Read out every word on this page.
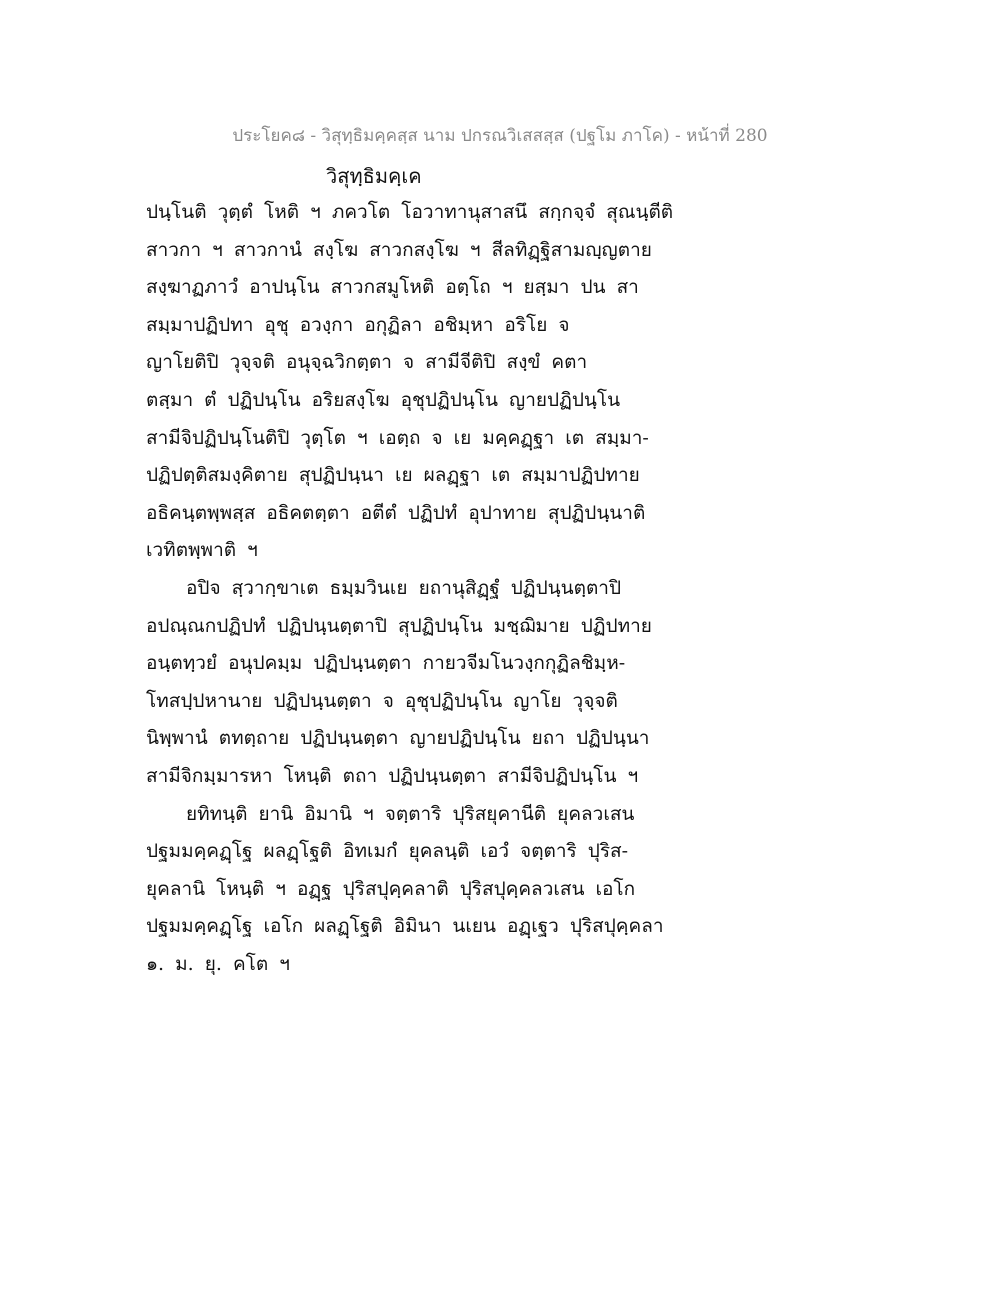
ประโยค๘ - วิสุทฺธิมคฺคสฺส นาม ปกรณวิเสสสฺส (ปฐโม ภาโค) - หน้าที่ 280
วิสุทฺธิมคฺเค
ปนฺโนติ วุตฺตํ โหติ ฯ ภควโต โอวาทานุสาสนึ สกฺกจฺจํ สุณนฺตีติ
สาวกา ฯ สาวกานํ สงฺโฆ สาวกสงฺโฆ ฯ สีลทิฏฺฐิสามญฺญตาย
สงฺฆาฏภาวํ อาปนฺโน สาวกสมูโหติ อตฺโถ ฯ ยสฺมา ปน สา
สมฺมาปฏิปทา อุชุ อวงฺกา อกุฏิลา อชิมฺหา อริโย จ
ญาโยติปิ วุจฺจติ อนุจฺฉวิกตฺตา จ สามีจีติปิ สงฺขํ คตา
ตสฺมา ตํ ปฏิปนฺโน อริยสงฺโฆ อุชุปฏิปนฺโน ญายปฏิปนฺโน
สามีจิปฏิปนฺโนติปิ วุตฺโต ฯ เอตฺถ จ เย มคฺคฏฺฐา เต สมฺมา-
ปฏิปตฺติสมงฺคิตาย สุปฏิปนฺนา เย ผลฏฺฐา เต สมฺมาปฏิปทาย
อธิคนฺตพฺพสฺส อธิคตตฺตา อตีตํ ปฏิปทํ อุปาทาย สุปฏิปนฺนาติ
เวทิตพฺพาติ ฯ
อปิจ สฺวากฺขาเต ธมฺมวินเย ยถานุสิฏฺฐํ ปฏิปนฺนตฺตาปิ
อปณฺณกปฏิปทํ ปฏิปนฺนตฺตาปิ สุปฏิปนฺโน มชฺฌิมาย ปฏิปทาย
อนฺตทฺวยํ อนุปคมฺม ปฏิปนฺนตฺตา กายวจีมโนวงฺกกุฏิลชิมฺห-
โทสปฺปหานาย ปฏิปนฺนตฺตา จ อุชุปฏิปนฺโน ญาโย วุจฺจติ
นิพฺพานํ ตทตฺถาย ปฏิปนฺนตฺตา ญายปฏิปนฺโน ยถา ปฏิปนฺนา
สามีจิกมฺมารหา โหนฺติ ตถา ปฏิปนฺนตฺตา สามีจิปฏิปนฺโน ฯ
ยทิทนฺติ ยานิ อิมานิ ฯ จตฺตาริ ปุริสยุคานีติ ยุคลวเสน
ปฐมมคฺคฏฺโฐ ผลฏฺโฐติ อิทเมกํ ยุคลนฺติ เอวํ จตฺตาริ ปุริส-
ยุคลานิ โหนฺติ ฯ อฏฺฐ ปุริสปุคฺคลาติ ปุริสปุคฺคลวเสน เอโก
ปฐมมคฺคฏฺโฐ เอโก ผลฏฺโฐติ อิมินา นเยน อฏฺเฐว ปุริสปุคฺคลา
๑. ม. ยุ. คโต ฯ
